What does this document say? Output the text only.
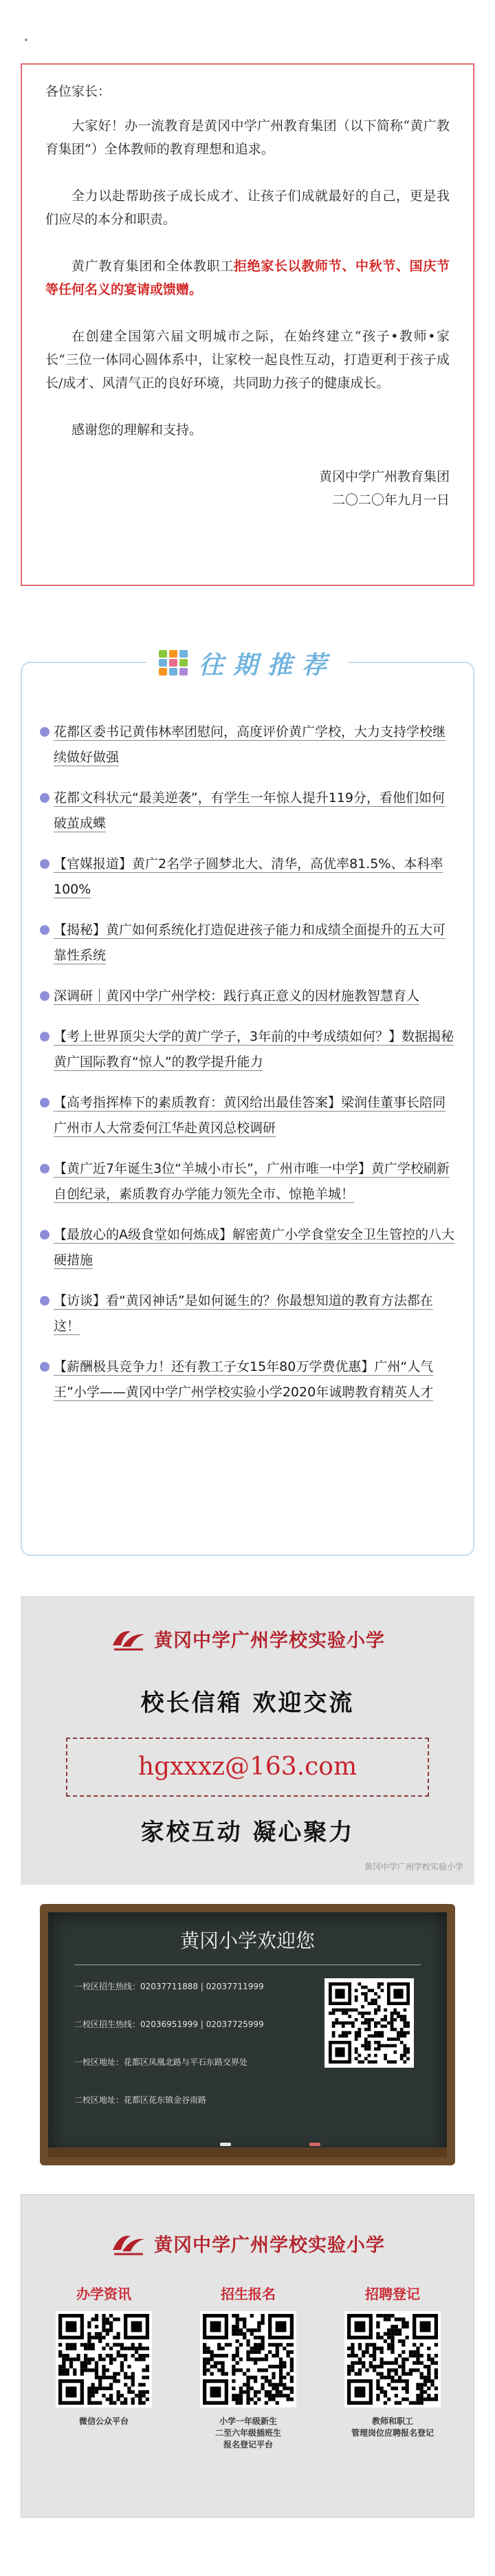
各位家长：

大家好！办一流教育是黄冈中学广州教育集团（以下简称“黄广教育集团”）全体教师的教育理想和追求。

全力以赴帮助孩子成长成才、让孩子们成就最好的自己，更是我们应尽的本分和职责。

黄广教育集团和全体教职工拒绝家长以教师节、中秋节、国庆节等任何名义的宴请或馈赠。

在创建全国第六届文明城市之际，在始终建立“孩子•教师•家长”三位一体同心圆体系中，让家校一起良性互动，打造更利于孩子成长/成才、风清气正的良好环境，共同助力孩子的健康成长。

感谢您的理解和支持。

黄冈中学广州教育集团

二〇二〇年九月一日

往期推荐
花都区委书记黄伟林率团慰问，高度评价黄广学校，大力支持学校继续做好做强
花都文科状元“最美逆袭”，有学生一年惊人提升119分，看他们如何破茧成蝶
【官媒报道】黄广2名学子圆梦北大、清华，高优率81.5%、本科率100%
【揭秘】黄广如何系统化打造促进孩子能力和成绩全面提升的五大可靠性系统
深调研｜黄冈中学广州学校：践行真正意义的因材施教智慧育人
【考上世界顶尖大学的黄广学子，3年前的中考成绩如何？】数据揭秘黄广国际教育“惊人”的教学提升能力
【高考指挥棒下的素质教育：黄冈给出最佳答案】梁润佳董事长陪同广州市人大常委何江华赴黄冈总校调研
【黄广近7年诞生3位“羊城小市长”，广州市唯一中学】黄广学校刷新自创纪录，素质教育办学能力领先全市、惊艳羊城！
【最放心的A级食堂如何炼成】解密黄广小学食堂安全卫生管控的八大硬措施
【访谈】看“黄冈神话”是如何诞生的？你最想知道的教育方法都在这！
【薪酬极具竞争力！还有教工子女15年80万学费优惠】广州“人气王”小学——黄冈中学广州学校实验小学2020年诚聘教育精英人才
黄冈中学广州学校实验小学
校长信箱 欢迎交流
hgxxxz@163.com
家校互动 凝心聚力
黄冈中学广州学校实验小学
黄冈小学欢迎您
一校区招生热线：02037711888 | 02037711999
二校区招生热线：02036951999 | 02037725999
一校区地址：花都区凤凰北路与平石东路交界处
二校区地址：花都区花东镇金谷南路
黄冈中学广州学校实验小学
办学资讯
微信公众平台
招生报名
小学一年级新生
二至六年级插班生
报名登记平台
招聘登记
教师和职工
管理岗位应聘报名登记
